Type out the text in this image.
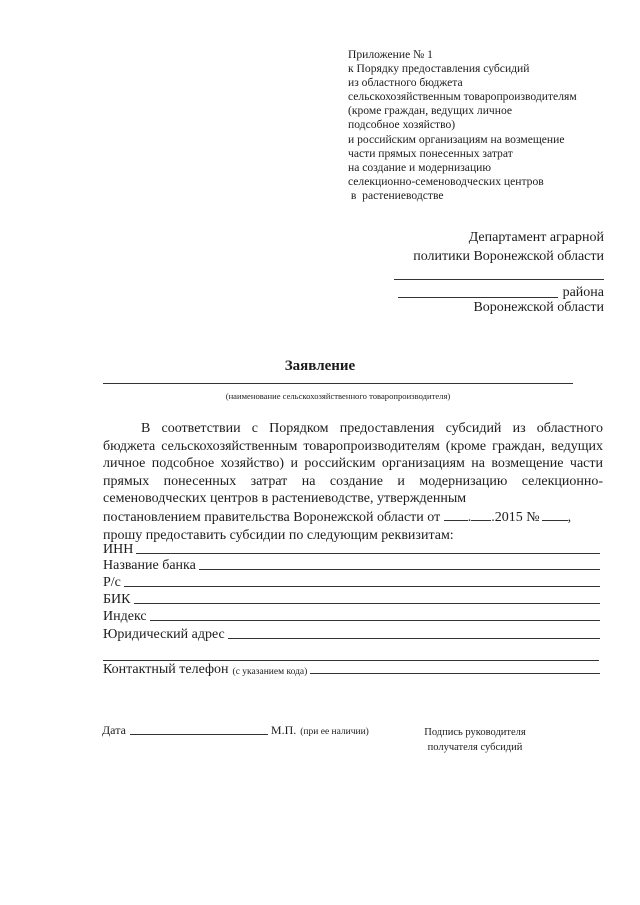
Приложение № 1
к Порядку предоставления субсидий
из областного бюджета
сельскохозяйственным товаропроизводителям
(кроме граждан, ведущих личное
подсобное хозяйство)
и российским организациям на возмещение
части прямых понесенных затрат
на создание и модернизацию
селекционно-семеноводческих центров
в  растениеводстве
Департамент аграрной
политики Воронежской области
района
Воронежской области
Заявление
(наименование сельскохозяйственного товаропроизводителя)

В соответствии с Порядком предоставления субсидий из областного бюджета сельскохозяйственным товаропроизводителям (кроме граждан, ведущих личное подсобное хозяйство) и российским организациям на возмещение части прямых понесенных затрат на создание и модернизацию селекционно-семеноводческих центров в растениеводстве, утвержденным

постановлением правительства Воронежской области от . .2015 № ,
прошу предоставить субсидии по следующим реквизитам:
ИНН
Название банка
Р/с
БИК
Индекс
Юридический адрес
Контактный телефон (с указанием кода)
Дата	М.П. (при ее наличии)	Подпись руководителя
получателя субсидий
